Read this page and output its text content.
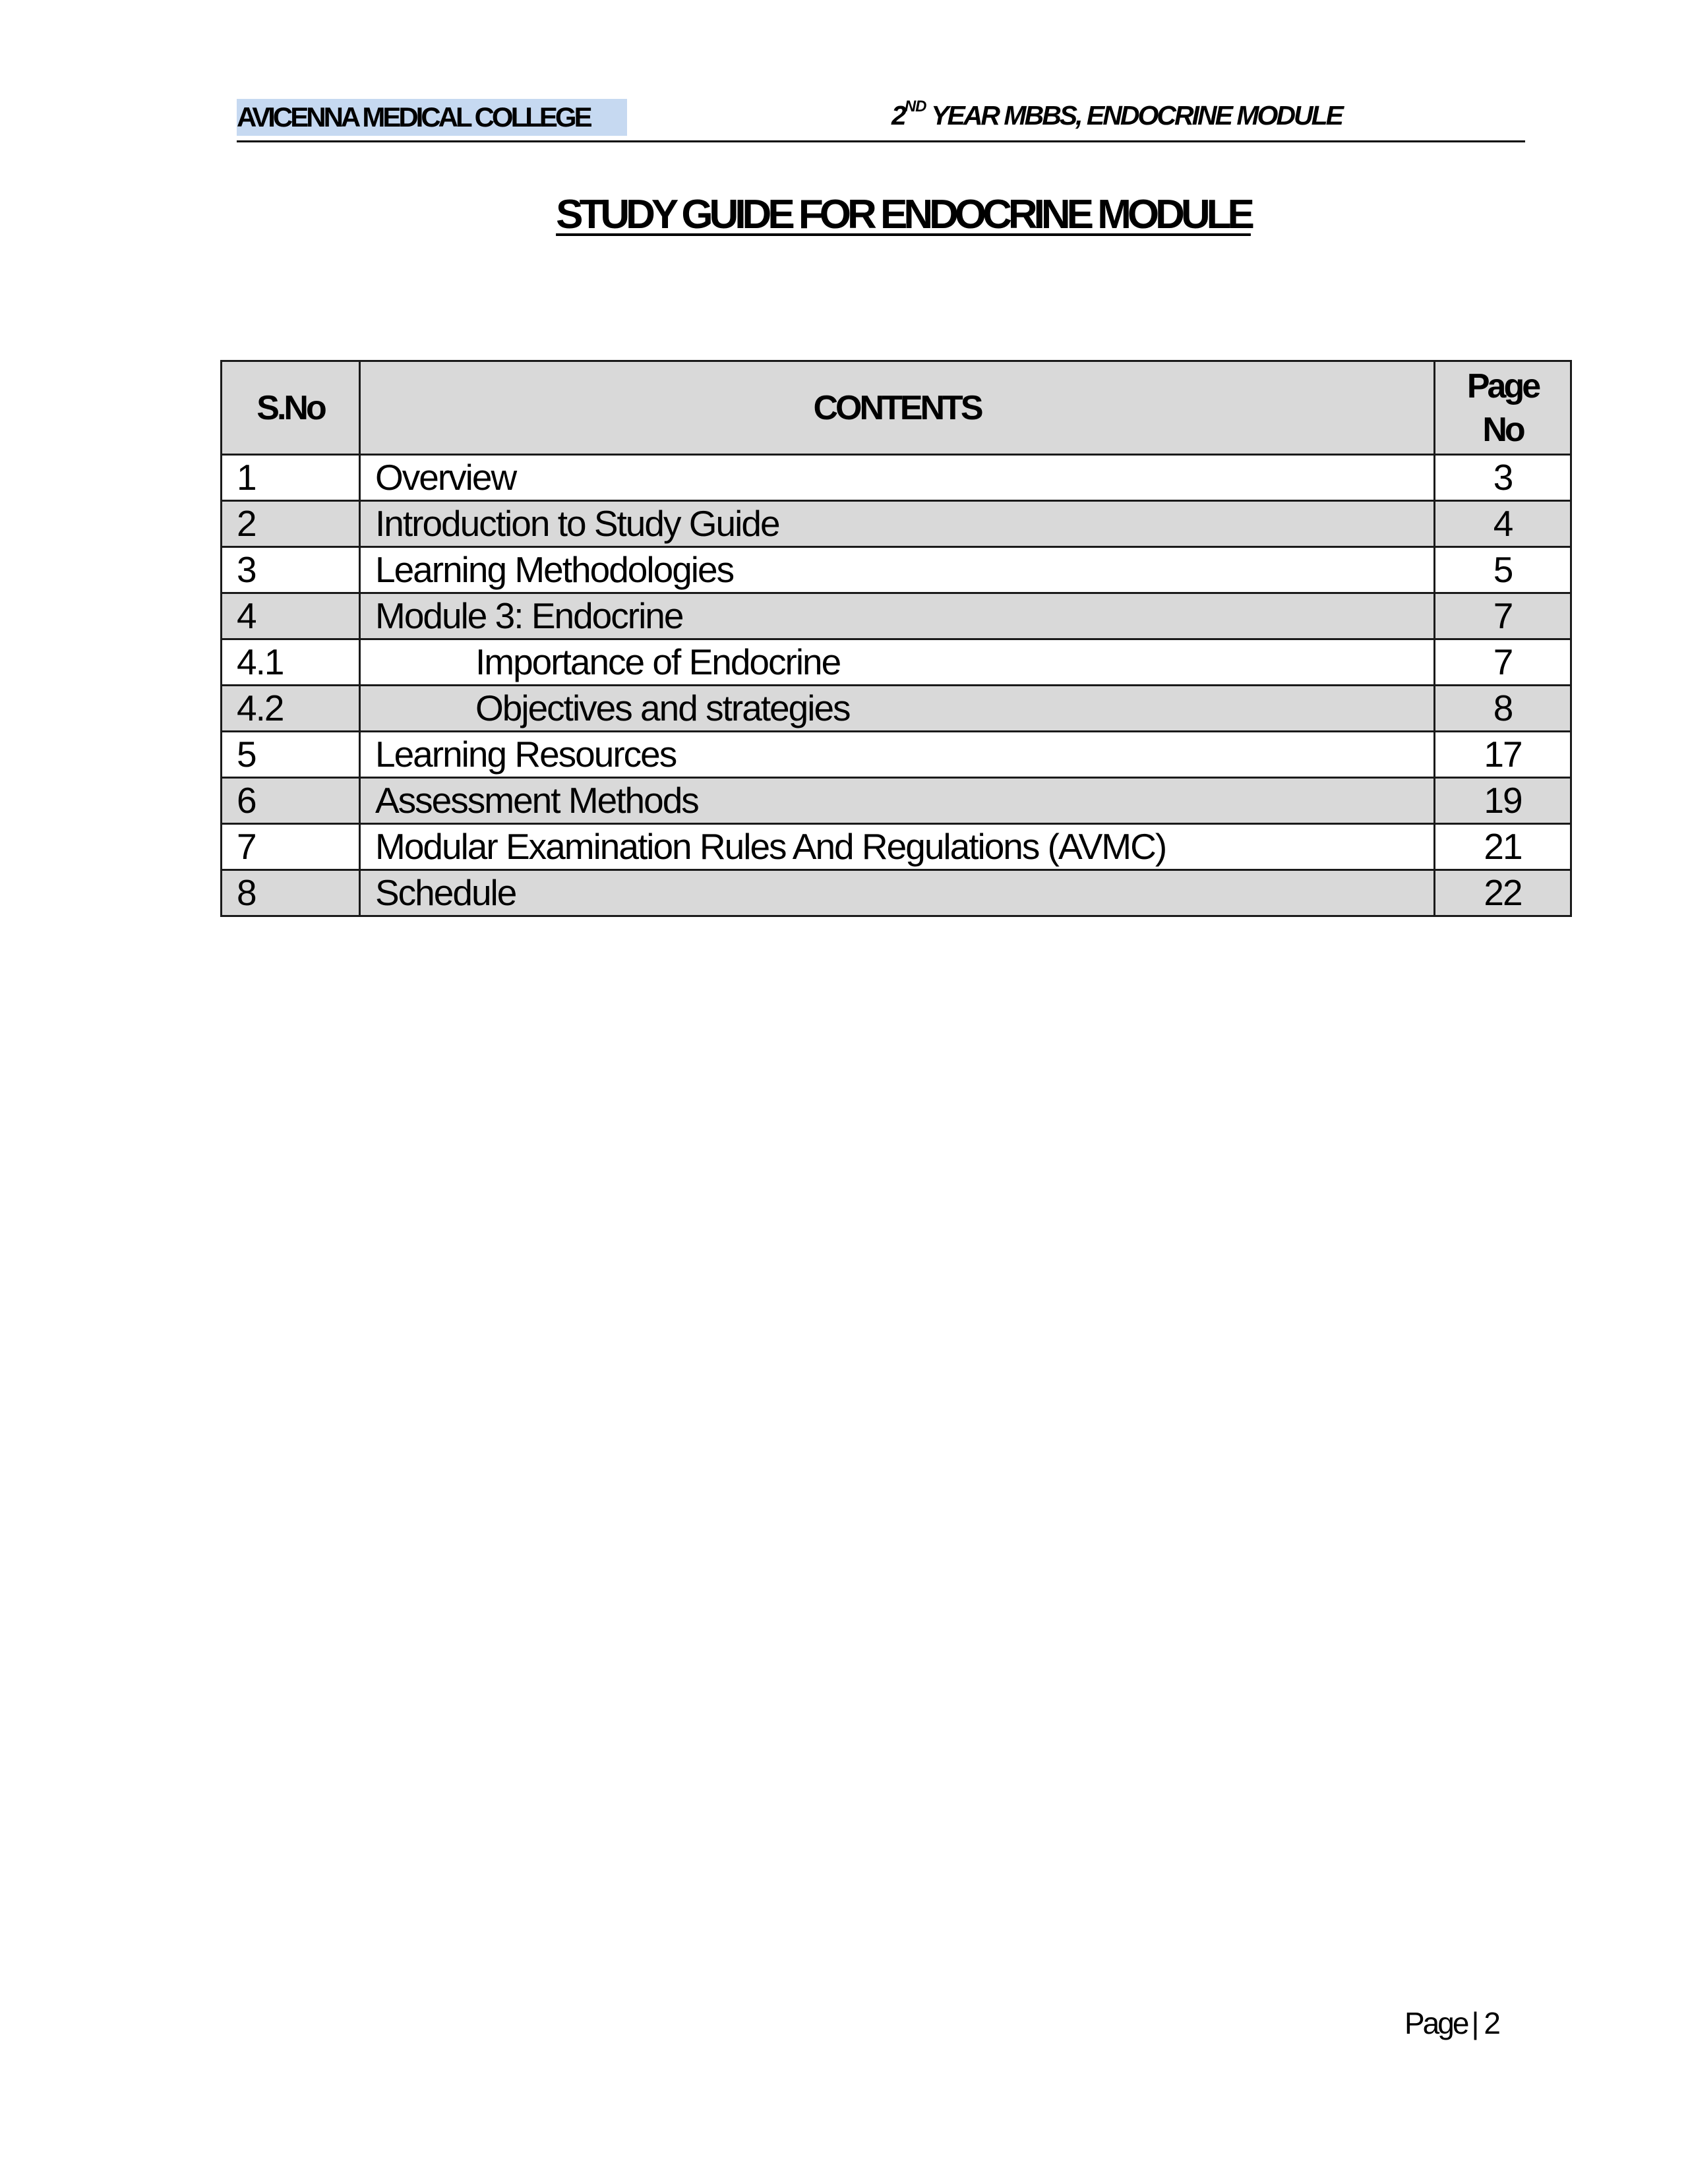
AVICENNA MEDICAL COLLEGE	2ND YEAR MBBS, ENDOCRINE MODULE
STUDY GUIDE FOR ENDOCRINE MODULE
S.No	CONTENTS	Page
No
1	Overview	3
2	Introduction to Study Guide	4
3	Learning Methodologies	5
4	Module 3: Endocrine	7
4.1	Importance of Endocrine	7
4.2	Objectives and strategies	8
5	Learning Resources	17
6	Assessment Methods	19
7	Modular Examination Rules And Regulations (AVMC)	21
8	Schedule	22
Page | 2
